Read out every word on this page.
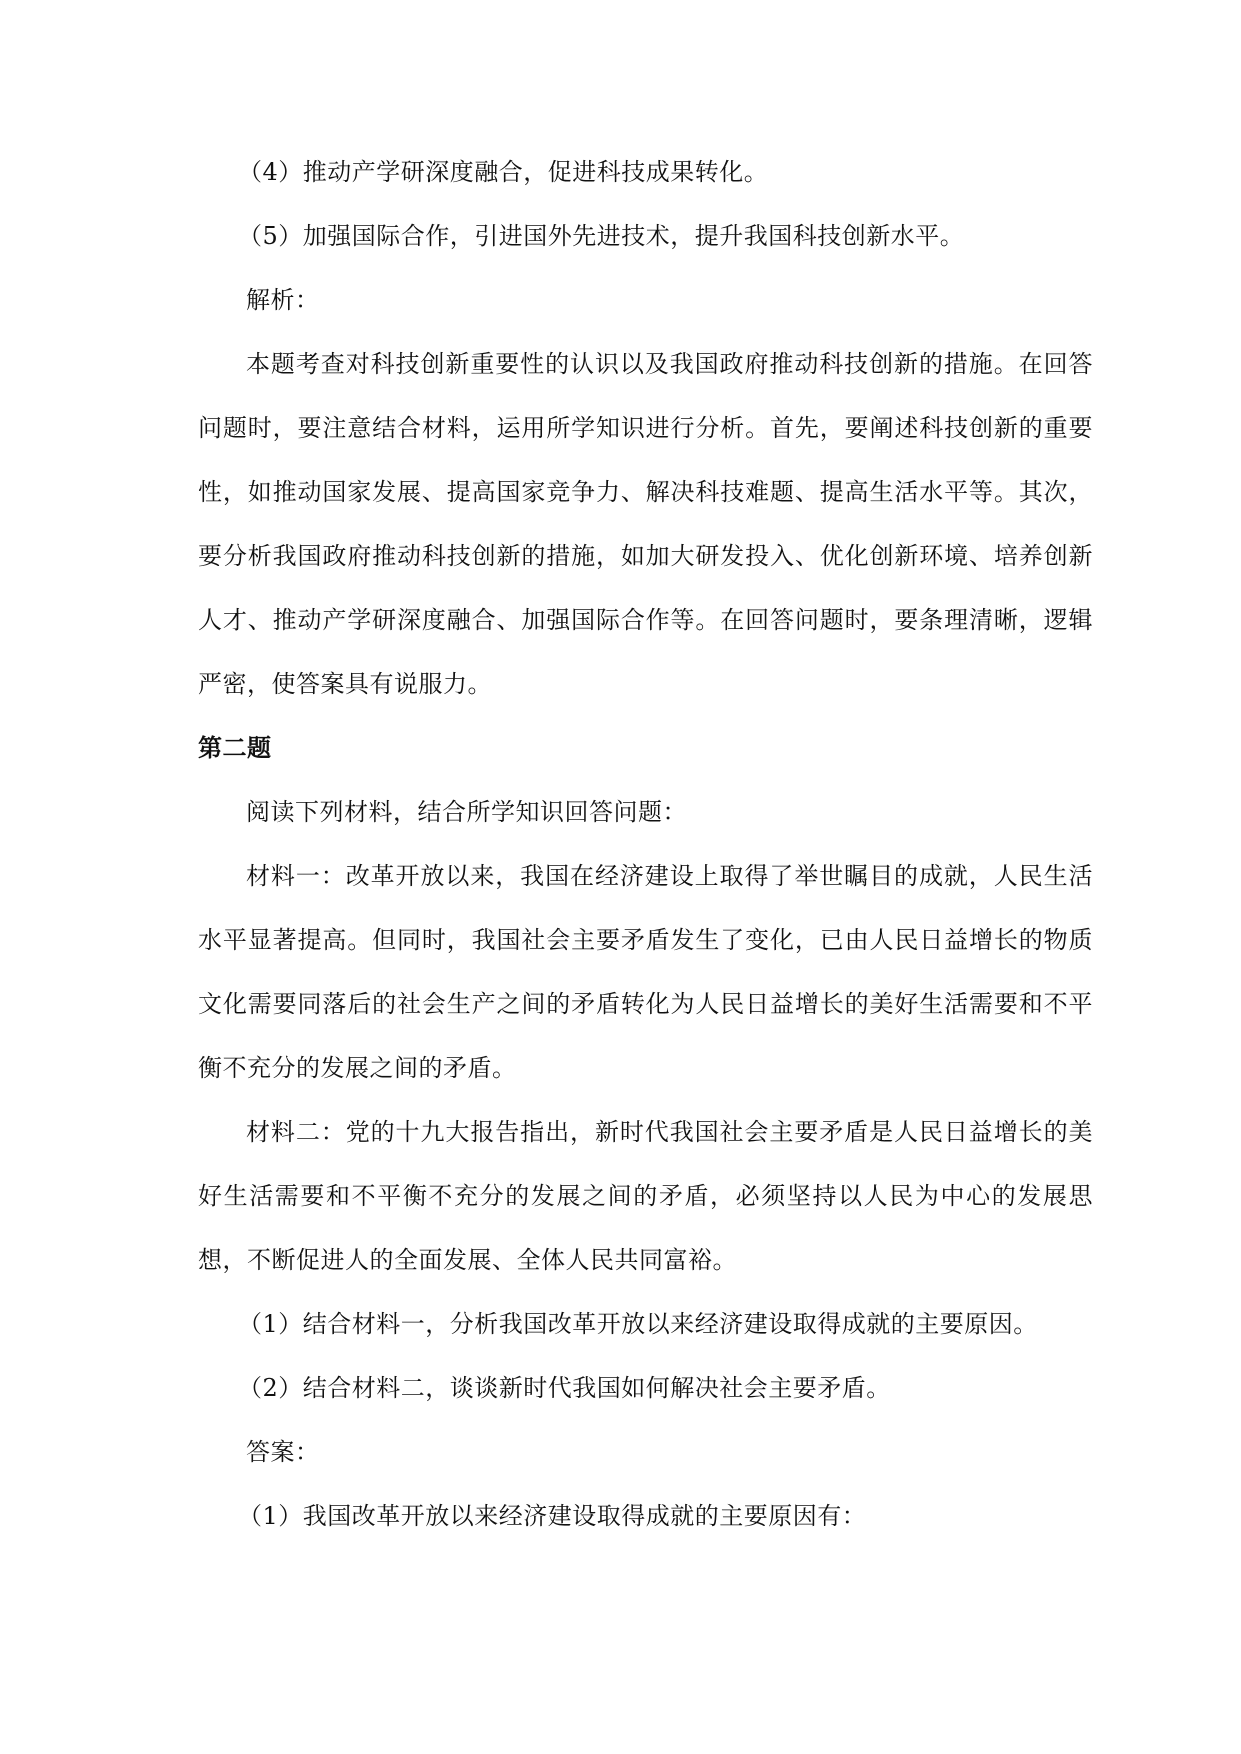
（4）推动产学研深度融合，促进科技成果转化。

（5）加强国际合作，引进国外先进技术，提升我国科技创新水平。

解析：

本题考查对科技创新重要性的认识以及我国政府推动科技创新的措施。在回答问题时，要注意结合材料，运用所学知识进行分析。首先，要阐述科技创新的重要性，如推动国家发展、提高国家竞争力、解决科技难题、提高生活水平等。其次，要分析我国政府推动科技创新的措施，如加大研发投入、优化创新环境、培养创新人才、推动产学研深度融合、加强国际合作等。在回答问题时，要条理清晰，逻辑严密，使答案具有说服力。

第二题

阅读下列材料，结合所学知识回答问题：

材料一：改革开放以来，我国在经济建设上取得了举世瞩目的成就，人民生活水平显著提高。但同时，我国社会主要矛盾发生了变化，已由人民日益增长的物质文化需要同落后的社会生产之间的矛盾转化为人民日益增长的美好生活需要和不平衡不充分的发展之间的矛盾。

材料二：党的十九大报告指出，新时代我国社会主要矛盾是人民日益增长的美好生活需要和不平衡不充分的发展之间的矛盾，必须坚持以人民为中心的发展思想，不断促进人的全面发展、全体人民共同富裕。

（1）结合材料一，分析我国改革开放以来经济建设取得成就的主要原因。

（2）结合材料二，谈谈新时代我国如何解决社会主要矛盾。

答案：

（1）我国改革开放以来经济建设取得成就的主要原因有：
